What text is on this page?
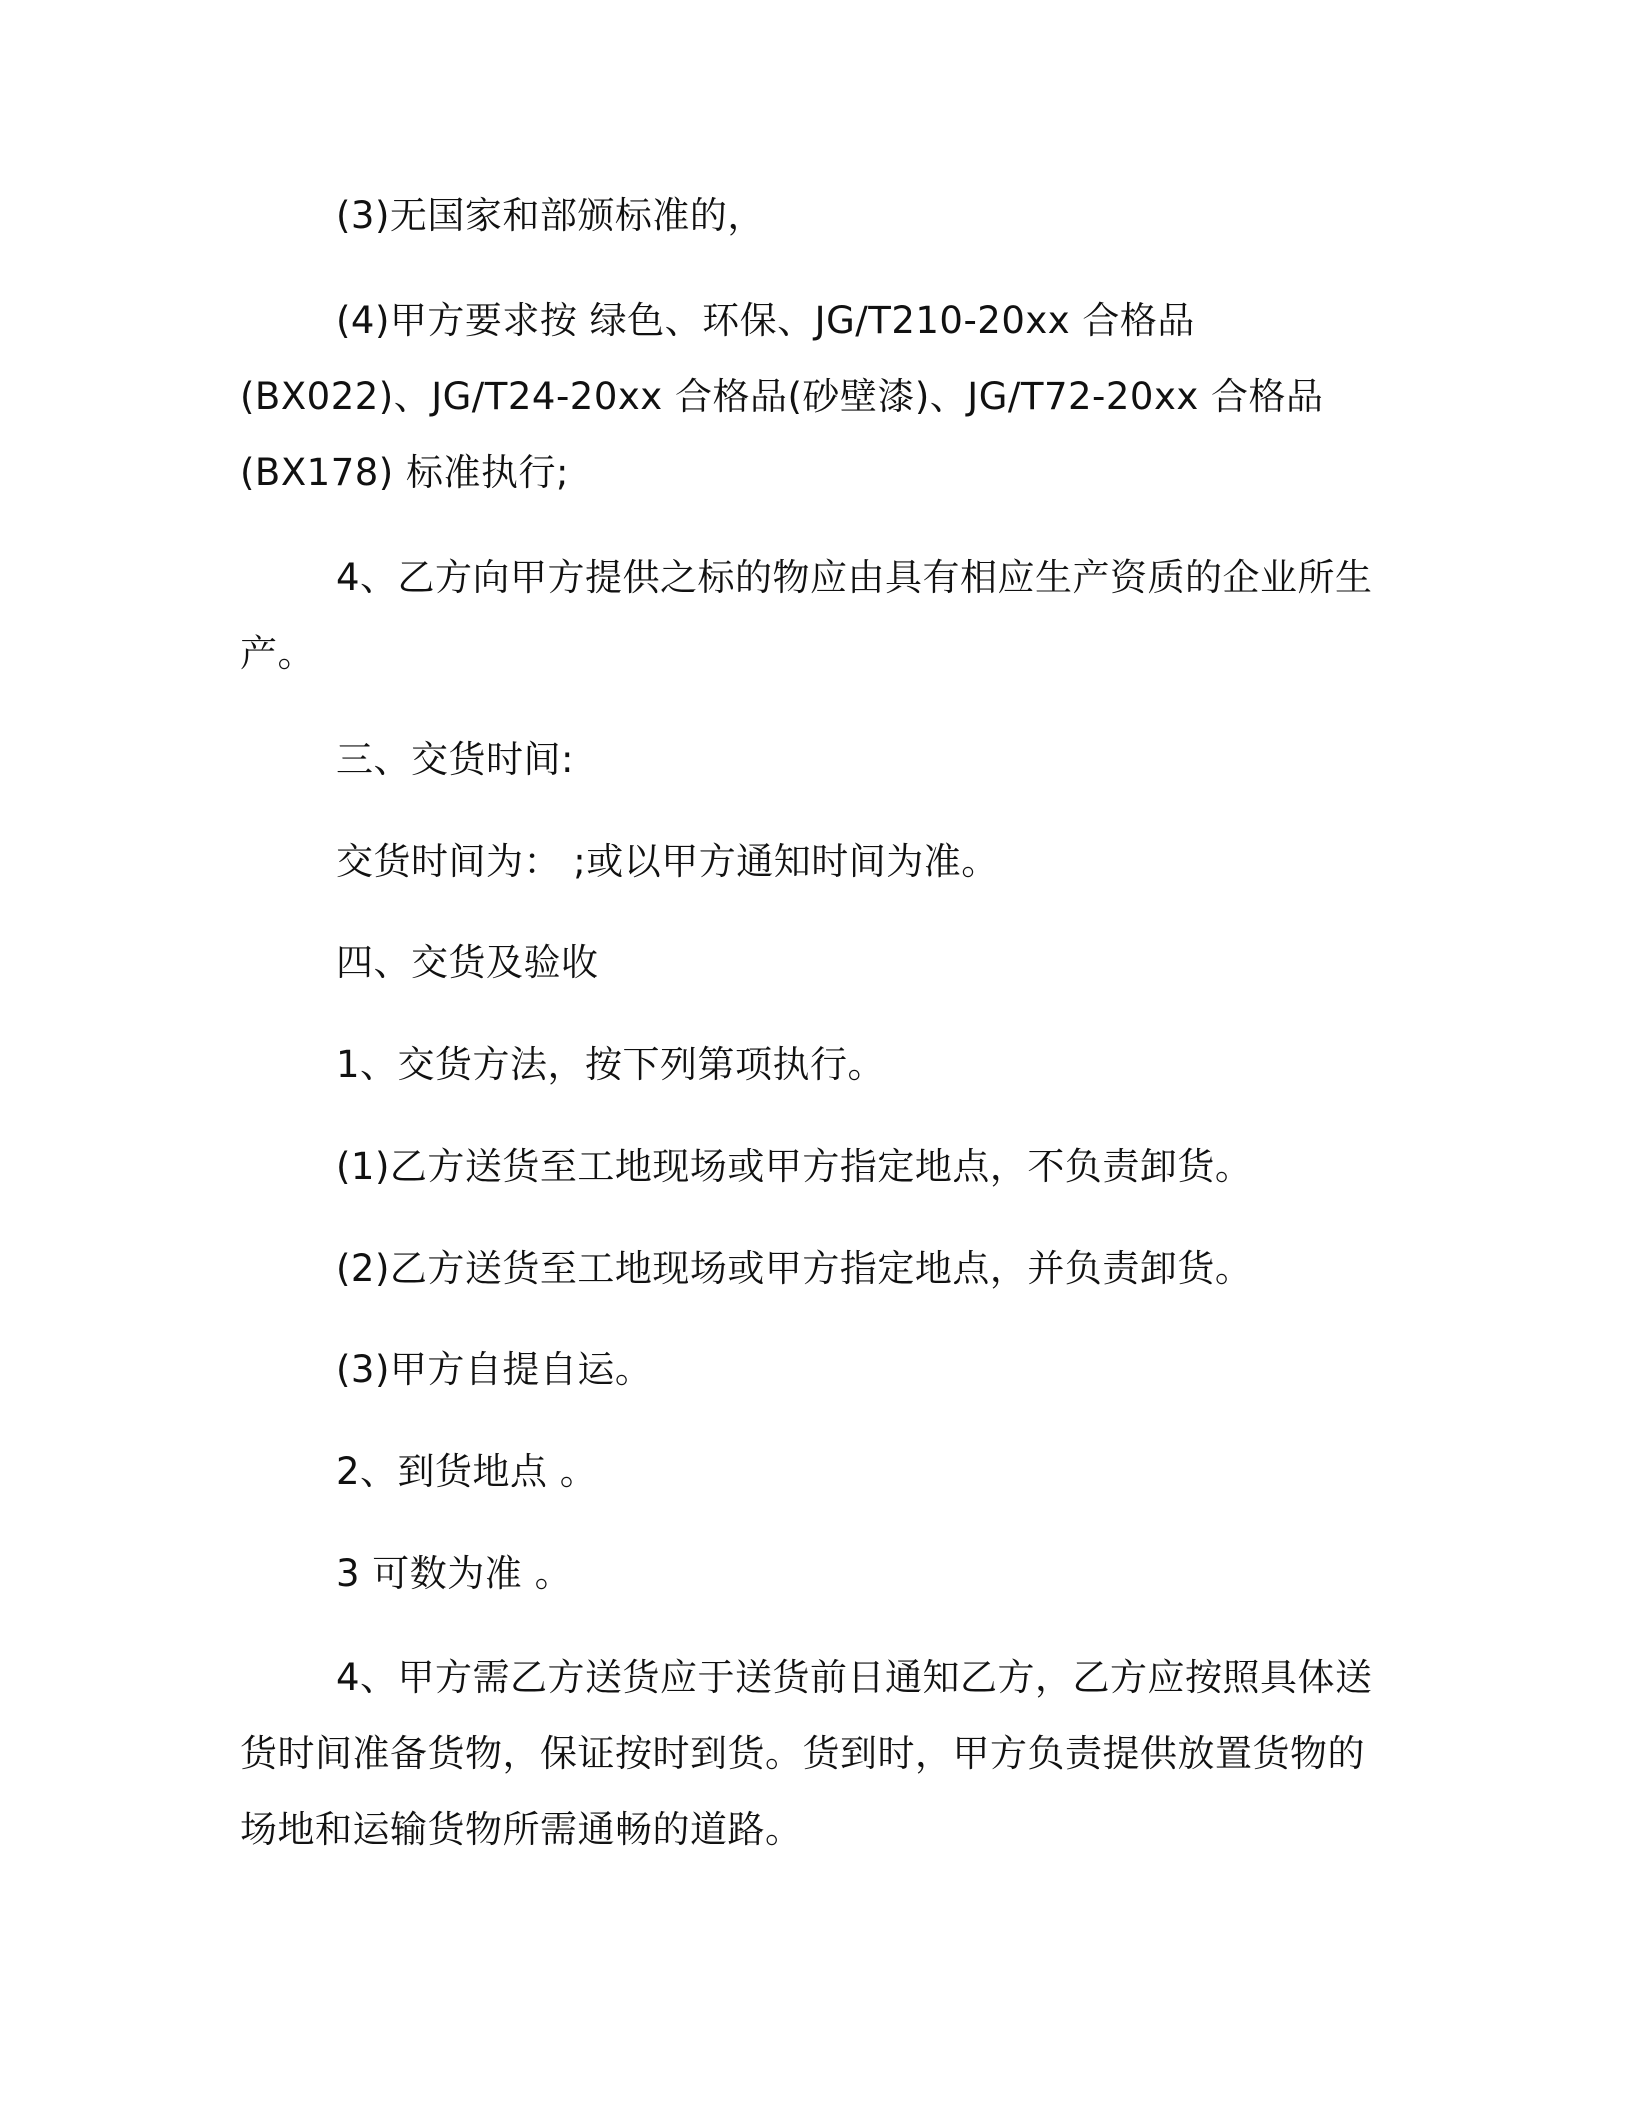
(3)无国家和部颁标准的，

(4)甲方要求按 绿色、环保、JG/T210-20xx 合格品(BX022)、JG/T24-20xx 合格品(砂壁漆)、JG/T72-20xx 合格品(BX178) 标准执行;

4、乙方向甲方提供之标的物应由具有相应生产资质的企业所生产。

三、交货时间:

交货时间为： ;或以甲方通知时间为准。

四、交货及验收

1、交货方法，按下列第项执行。

(1)乙方送货至工地现场或甲方指定地点，不负责卸货。

(2)乙方送货至工地现场或甲方指定地点，并负责卸货。

(3)甲方自提自运。

2、到货地点 。

3 可数为准 。

4、甲方需乙方送货应于送货前日通知乙方，乙方应按照具体送货时间准备货物，保证按时到货。货到时，甲方负责提供放置货物的场地和运输货物所需通畅的道路。
